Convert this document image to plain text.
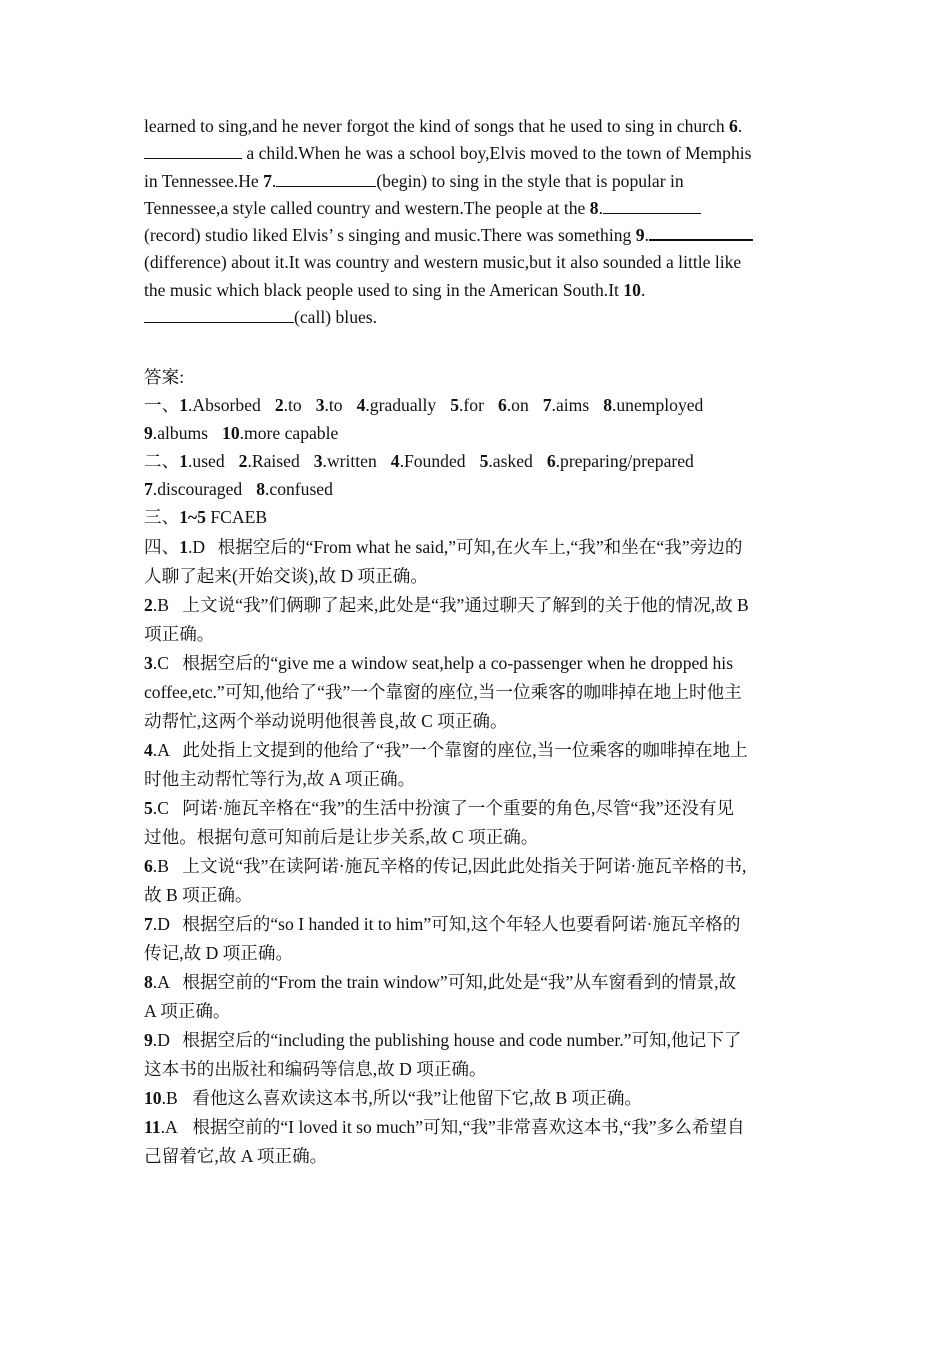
learned to sing,and he never forgot the kind of songs that he used to sing in church 6.
a child.When he was a school boy,Elvis moved to the town of Memphis
in Tennessee.He 7.	(begin) to sing in the style that is popular in
Tennessee,a style called country and western.The people at the 8.
(record) studio liked Elvis’ s singing and music.There was something 9.
(difference) about it.It was country and western music,but it also sounded a little like
the music which black people used to sing in the American South.It 10.
(call) blues.
答案:
一、1.Absorbed 2.to 3.to 4.gradually 5.for 6.on 7.aims 8.unemployed
9.albums 10.more capable
二、1.used 2.Raised 3.written 4.Founded 5.asked 6.preparing/prepared
7.discouraged 8.confused
三、1~5 FCAEB
四、1.D 根据空后的“From what he said,”可知,在火车上,“我”和坐在“我”旁边的
人聊了起来(开始交谈),故 D 项正确。
2.B 上文说“我”们俩聊了起来,此处是“我”通过聊天了解到的关于他的情况,故 B
项正确。
3.C 根据空后的“give me a window seat,help a co-passenger when he dropped his
coffee,etc.”可知,他给了“我”一个靠窗的座位,当一位乘客的咖啡掉在地上时他主
动帮忙,这两个举动说明他很善良,故 C 项正确。
4.A 此处指上文提到的他给了“我”一个靠窗的座位,当一位乘客的咖啡掉在地上
时他主动帮忙等行为,故 A 项正确。
5.C 阿诺·施瓦辛格在“我”的生活中扮演了一个重要的角色,尽管“我”还没有见
过他。根据句意可知前后是让步关系,故 C 项正确。
6.B 上文说“我”在读阿诺·施瓦辛格的传记,因此此处指关于阿诺·施瓦辛格的书,
故 B 项正确。
7.D 根据空后的“so I handed it to him”可知,这个年轻人也要看阿诺·施瓦辛格的
传记,故 D 项正确。
8.A 根据空前的“From the train window”可知,此处是“我”从车窗看到的情景,故
A 项正确。
9.D 根据空后的“including the publishing house and code number.”可知,他记下了
这本书的出版社和编码等信息,故 D 项正确。
10.B 看他这么喜欢读这本书,所以“我”让他留下它,故 B 项正确。
11.A 根据空前的“I loved it so much”可知,“我”非常喜欢这本书,“我”多么希望自
己留着它,故 A 项正确。
